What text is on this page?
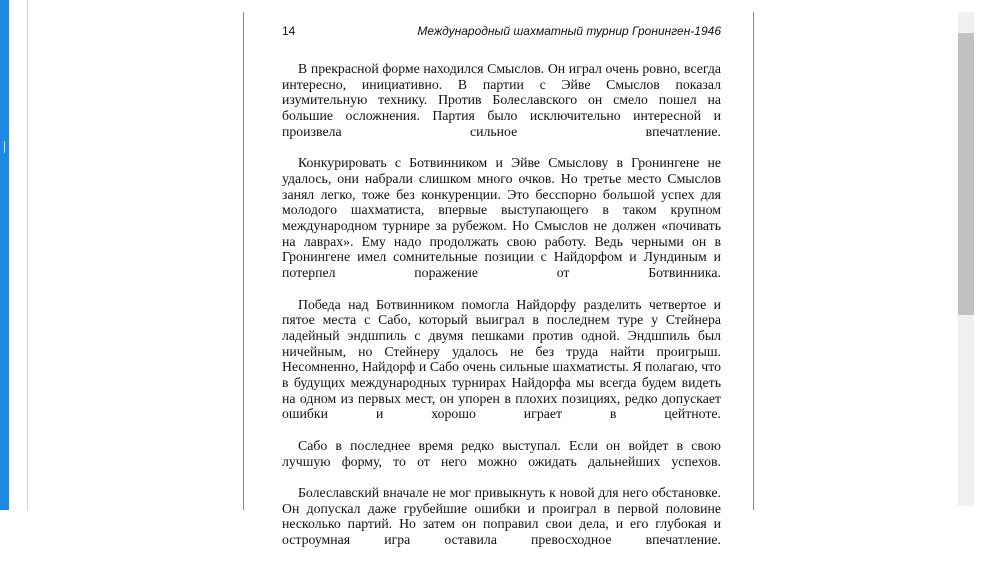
14	Международный шахматный турнир Гронинген-1946

В прекрасной форме находился Смыслов. Он играл очень ровно, всегда интересно, инициативно. В партии с Эйве Смыслов показал изумительную технику. Против Болеславского он смело пошел на большие осложнения. Партия было исключительно интересной и произвела сильное впечатление.

Конкурировать с Ботвинником и Эйве Смыслову в Гронингене не удалось, они набрали слишком много очков. Но третье место Смыслов занял легко, тоже без конкуренции. Это бесспорно большой успех для молодого шахматиста, впервые выступающего в таком крупном международном турнире за рубежом. Но Смыслов не должен «почивать на лаврах». Ему надо продолжать свою работу. Ведь черными он в Гронингене имел сомнительные позиции с Найдорфом и Лундиным и потерпел поражение от Ботвинника.

Победа над Ботвинником помогла Найдорфу разделить четвертое и пятое места с Сабо, который выиграл в последнем туре у Стейнера ладейный эндшпиль с двумя пешками против одной. Эндшпиль был ничейным, но Стейнеру удалось не без труда найти проигрыш. Несомненно, Найдорф и Сабо очень сильные шахматисты. Я полагаю, что в будущих международных турнирах Найдорфа мы всегда будем видеть на одном из первых мест, он упорен в плохих позициях, редко допускает ошибки и хорошо играет в цейтноте.

Сабо в последнее время редко выступал. Если он войдет в свою лучшую форму, то от него можно ожидать дальнейших успехов.

Болеславский вначале не мог привыкнуть к новой для него обстановке. Он допускал даже грубейшие ошибки и проиграл в первой половине несколько партий. Но затем он поправил свои дела, и его глубокая и остроумная игра оставила превосходное впечатление.
